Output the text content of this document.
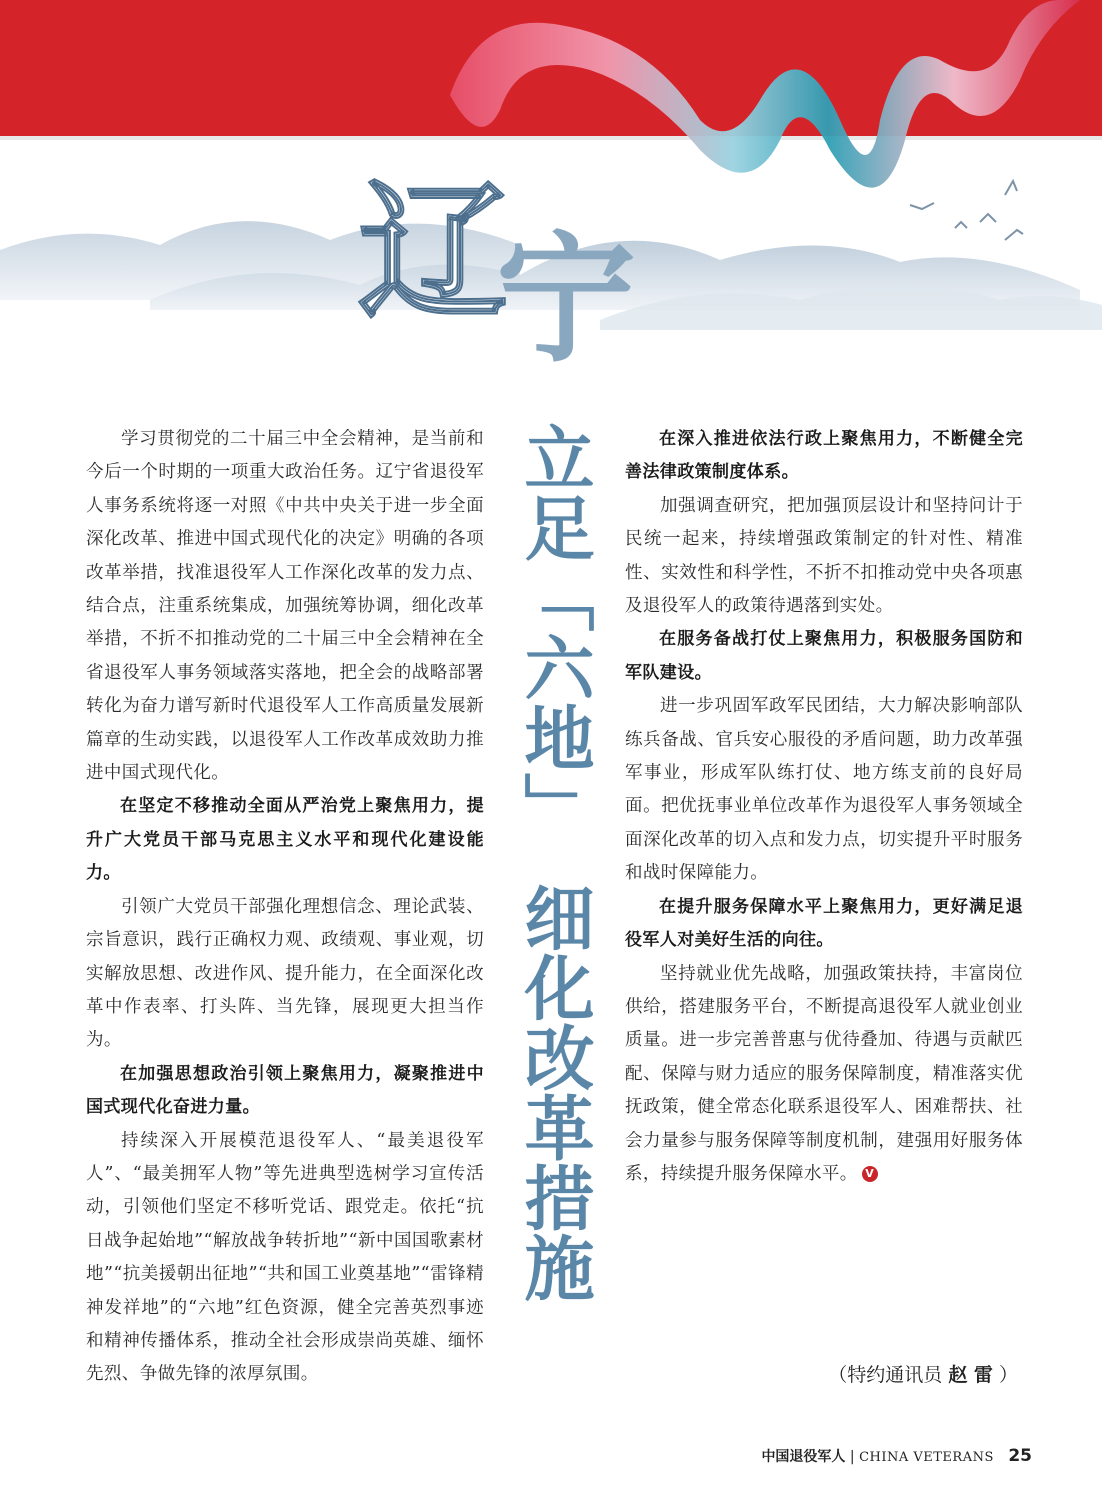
辽
宁
立足「六地」细化改革措施

学习贯彻党的二十届三中全会精神，是当前和今后一个时期的一项重大政治任务。辽宁省退役军人事务系统将逐一对照《中共中央关于进一步全面深化改革、推进中国式现代化的决定》明确的各项改革举措，找准退役军人工作深化改革的发力点、结合点，注重系统集成，加强统筹协调，细化改革举措，不折不扣推动党的二十届三中全会精神在全省退役军人事务领域落实落地，把全会的战略部署转化为奋力谱写新时代退役军人工作高质量发展新篇章的生动实践，以退役军人工作改革成效助力推进中国式现代化。

在坚定不移推动全面从严治党上聚焦用力，提升广大党员干部马克思主义水平和现代化建设能力。

引领广大党员干部强化理想信念、理论武装、宗旨意识，践行正确权力观、政绩观、事业观，切实解放思想、改进作风、提升能力，在全面深化改革中作表率、打头阵、当先锋，展现更大担当作为。

在加强思想政治引领上聚焦用力，凝聚推进中国式现代化奋进力量。

持续深入开展模范退役军人、“最美退役军人”、“最美拥军人物”等先进典型选树学习宣传活动，引领他们坚定不移听党话、跟党走。依托“抗日战争起始地”“解放战争转折地”“新中国国歌素材地”“抗美援朝出征地”“共和国工业奠基地”“雷锋精神发祥地”的“六地”红色资源，健全完善英烈事迹和精神传播体系，推动全社会形成崇尚英雄、缅怀先烈、争做先锋的浓厚氛围。

在深入推进依法行政上聚焦用力，不断健全完善法律政策制度体系。

加强调查研究，把加强顶层设计和坚持问计于民统一起来，持续增强政策制定的针对性、精准性、实效性和科学性，不折不扣推动党中央各项惠及退役军人的政策待遇落到实处。

在服务备战打仗上聚焦用力，积极服务国防和军队建设。

进一步巩固军政军民团结，大力解决影响部队练兵备战、官兵安心服役的矛盾问题，助力改革强军事业，形成军队练打仗、地方练支前的良好局面。把优抚事业单位改革作为退役军人事务领域全面深化改革的切入点和发力点，切实提升平时服务和战时保障能力。

在提升服务保障水平上聚焦用力，更好满足退役军人对美好生活的向往。

坚持就业优先战略，加强政策扶持，丰富岗位供给，搭建服务平台，不断提高退役军人就业创业质量。进一步完善普惠与优待叠加、待遇与贡献匹配、保障与财力适应的服务保障制度，精准落实优抚政策，健全常态化联系退役军人、困难帮扶、社会力量参与服务保障等制度机制，建强用好服务体系，持续提升服务保障水平。 V

（特约通讯员 赵 雷 ）
中国退役军人 | CHINA VETERANS 25
